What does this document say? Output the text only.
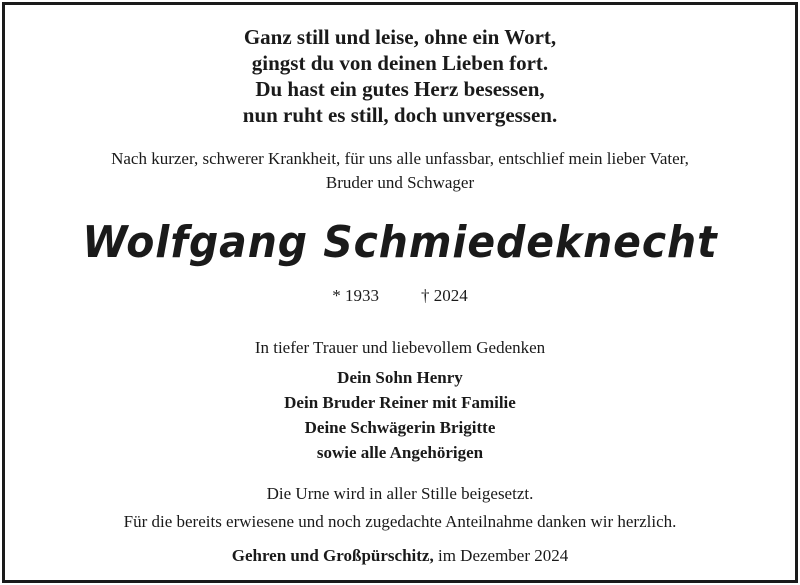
Ganz still und leise, ohne ein Wort,
gingst du von deinen Lieben fort.
Du hast ein gutes Herz besessen,
nun ruht es still, doch unvergessen.
Nach kurzer, schwerer Krankheit, für uns alle unfassbar, entschlief mein lieber Vater,
Bruder und Schwager
Wolfgang Schmiedeknecht
* 1933 † 2024
In tiefer Trauer und liebevollem Gedenken
Dein Sohn Henry
Dein Bruder Reiner mit Familie
Deine Schwägerin Brigitte
sowie alle Angehörigen
Die Urne wird in aller Stille beigesetzt.
Für die bereits erwiesene und noch zugedachte Anteilnahme danken wir herzlich.
Gehren und Großpürschitz, im Dezember 2024
